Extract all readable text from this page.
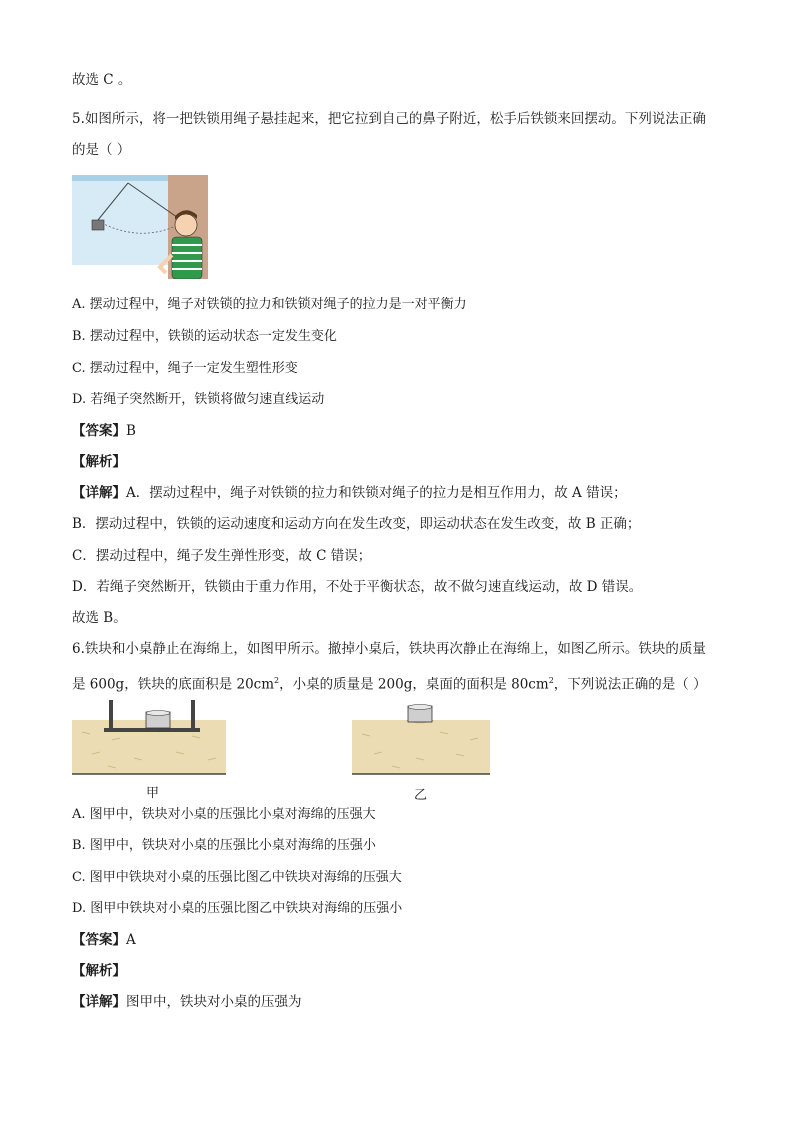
故选 C 。
5.如图所示，将一把铁锁用绳子悬挂起来，把它拉到自己的鼻子附近，松手后铁锁来回摆动。下列说法正确
的是（ ）
A. 摆动过程中，绳子对铁锁的拉力和铁锁对绳子的拉力是一对平衡力
B. 摆动过程中，铁锁的运动状态一定发生变化
C. 摆动过程中，绳子一定发生塑性形变
D. 若绳子突然断开，铁锁将做匀速直线运动
【答案】B
【解析】
【详解】A．摆动过程中，绳子对铁锁的拉力和铁锁对绳子的拉力是相互作用力，故 A 错误；
B．摆动过程中，铁锁的运动速度和运动方向在发生改变，即运动状态在发生改变，故 B 正确；
C．摆动过程中，绳子发生弹性形变，故 C 错误；
D．若绳子突然断开，铁锁由于重力作用，不处于平衡状态，故不做匀速直线运动，故 D 错误。
故选 B。
6.铁块和小桌静止在海绵上，如图甲所示。撤掉小桌后，铁块再次静止在海绵上，如图乙所示。铁块的质量
是 600g，铁块的底面积是 $20cm^2$，小桌的质量是 200g，桌面的面积是 $80cm^2$，下列说法正确的是（ ）
甲	乙
A. 图甲中，铁块对小桌的压强比小桌对海绵的压强大
B. 图甲中，铁块对小桌的压强比小桌对海绵的压强小
C. 图甲中铁块对小桌的压强比图乙中铁块对海绵的压强大
D. 图甲中铁块对小桌的压强比图乙中铁块对海绵的压强小
【答案】A
【解析】
【详解】图甲中，铁块对小桌的压强为
